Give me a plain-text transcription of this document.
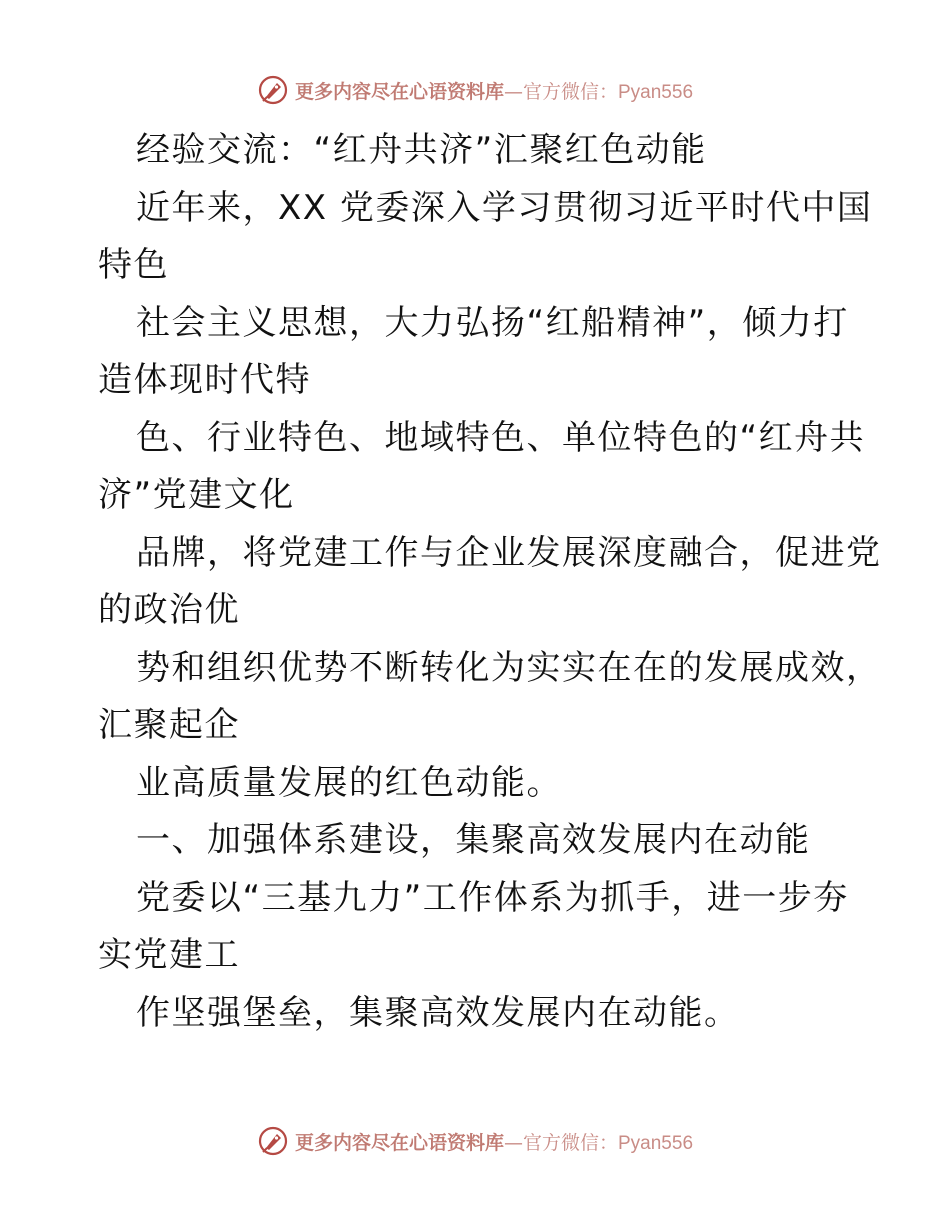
更多内容尽在心语资料库—官方微信：Pyan556
经验交流：“红舟共济”汇聚红色动能
近年来，XX 党委深入学习贯彻习近平时代中国
特色
社会主义思想，大力弘扬“红船精神”，倾力打
造体现时代特
色、行业特色、地域特色、单位特色的“红舟共
济”党建文化
品牌，将党建工作与企业发展深度融合，促进党
的政治优
势和组织优势不断转化为实实在在的发展成效，
汇聚起企
业高质量发展的红色动能。
一、加强体系建设，集聚高效发展内在动能
党委以“三基九力”工作体系为抓手，进一步夯
实党建工
作坚强堡垒，集聚高效发展内在动能。
更多内容尽在心语资料库—官方微信：Pyan556
